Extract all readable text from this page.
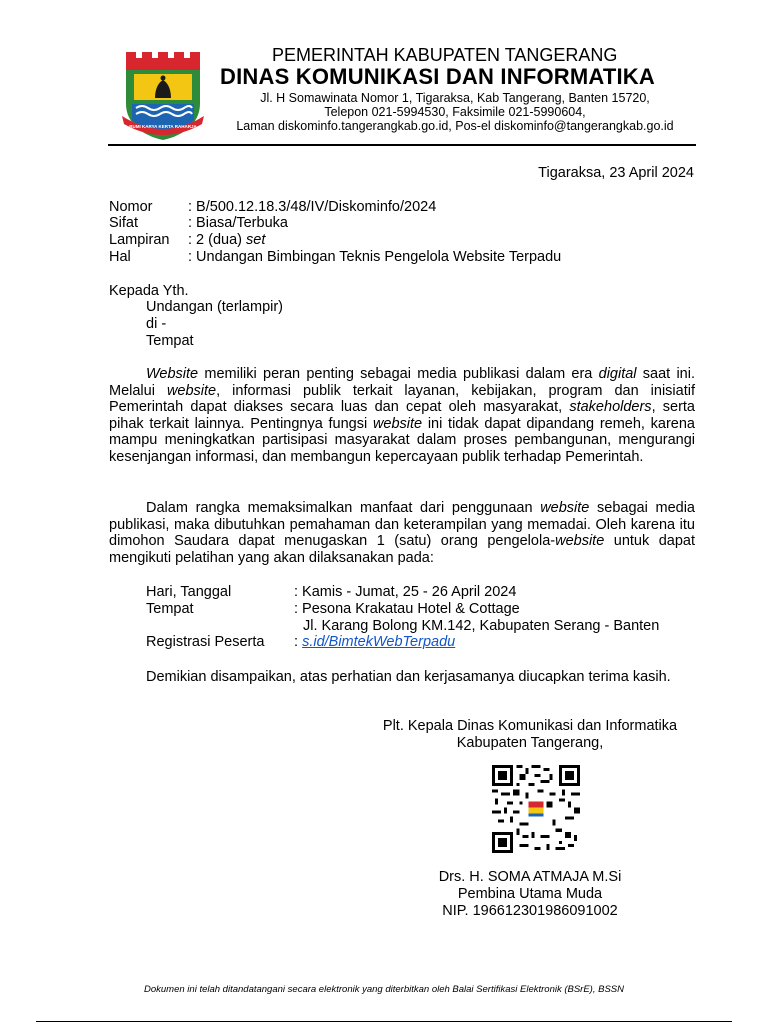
BUMI KARYA KERTA RAHARJA
PEMERINTAH KABUPATEN TANGERANG
DINAS KOMUNIKASI DAN INFORMATIKA
Jl. H Somawinata Nomor 1, Tigaraksa, Kab Tangerang, Banten 15720,
Telepon 021-5994530, Faksimile 021-5990604,
Laman diskominfo.tangerangkab.go.id, Pos-el diskominfo@tangerangkab.go.id
Tigaraksa, 23 April 2024
Nomor : B/500.12.18.3/48/IV/Diskominfo/2024
Sifat	: Biasa/Terbuka
Lampiran : 2 (dua) set
Hal	: Undangan Bimbingan Teknis Pengelola Website Terpadu
Kepada Yth.
Undangan (terlampir)
di -
Tempat
Website memiliki peran penting sebagai media publikasi dalam era digital saat ini. Melalui website, informasi publik terkait layanan, kebijakan, program dan inisiatif Pemerintah dapat diakses secara luas dan cepat oleh masyarakat, stakeholders, serta pihak terkait lainnya. Pentingnya fungsi website ini tidak dapat dipandang remeh, karena mampu meningkatkan partisipasi masyarakat dalam proses pembangunan, mengurangi kesenjangan informasi, dan membangun kepercayaan publik terhadap Pemerintah.
Dalam rangka memaksimalkan manfaat dari penggunaan website sebagai media publikasi, maka dibutuhkan pemahaman dan keterampilan yang memadai. Oleh karena itu dimohon Saudara dapat menugaskan 1 (satu) orang pengelola-website untuk dapat mengikuti pelatihan yang akan dilaksanakan pada:
Hari, Tanggal	: Kamis - Jumat, 25 - 26 April 2024
Tempat	: Pesona Krakatau Hotel & Cottage
Jl. Karang Bolong KM.142, Kabupaten Serang - Banten
Registrasi Peserta : s.id/BimtekWebTerpadu
Demikian disampaikan, atas perhatian dan kerjasamanya diucapkan terima kasih.
Plt. Kepala Dinas Komunikasi dan Informatika
Kabupaten Tangerang,
Drs. H. SOMA ATMAJA M.Si
Pembina Utama Muda
NIP. 196612301986091002
Dokumen ini telah ditandatangani secara elektronik yang diterbitkan oleh Balai Sertifikasi Elektronik (BSrE), BSSN
